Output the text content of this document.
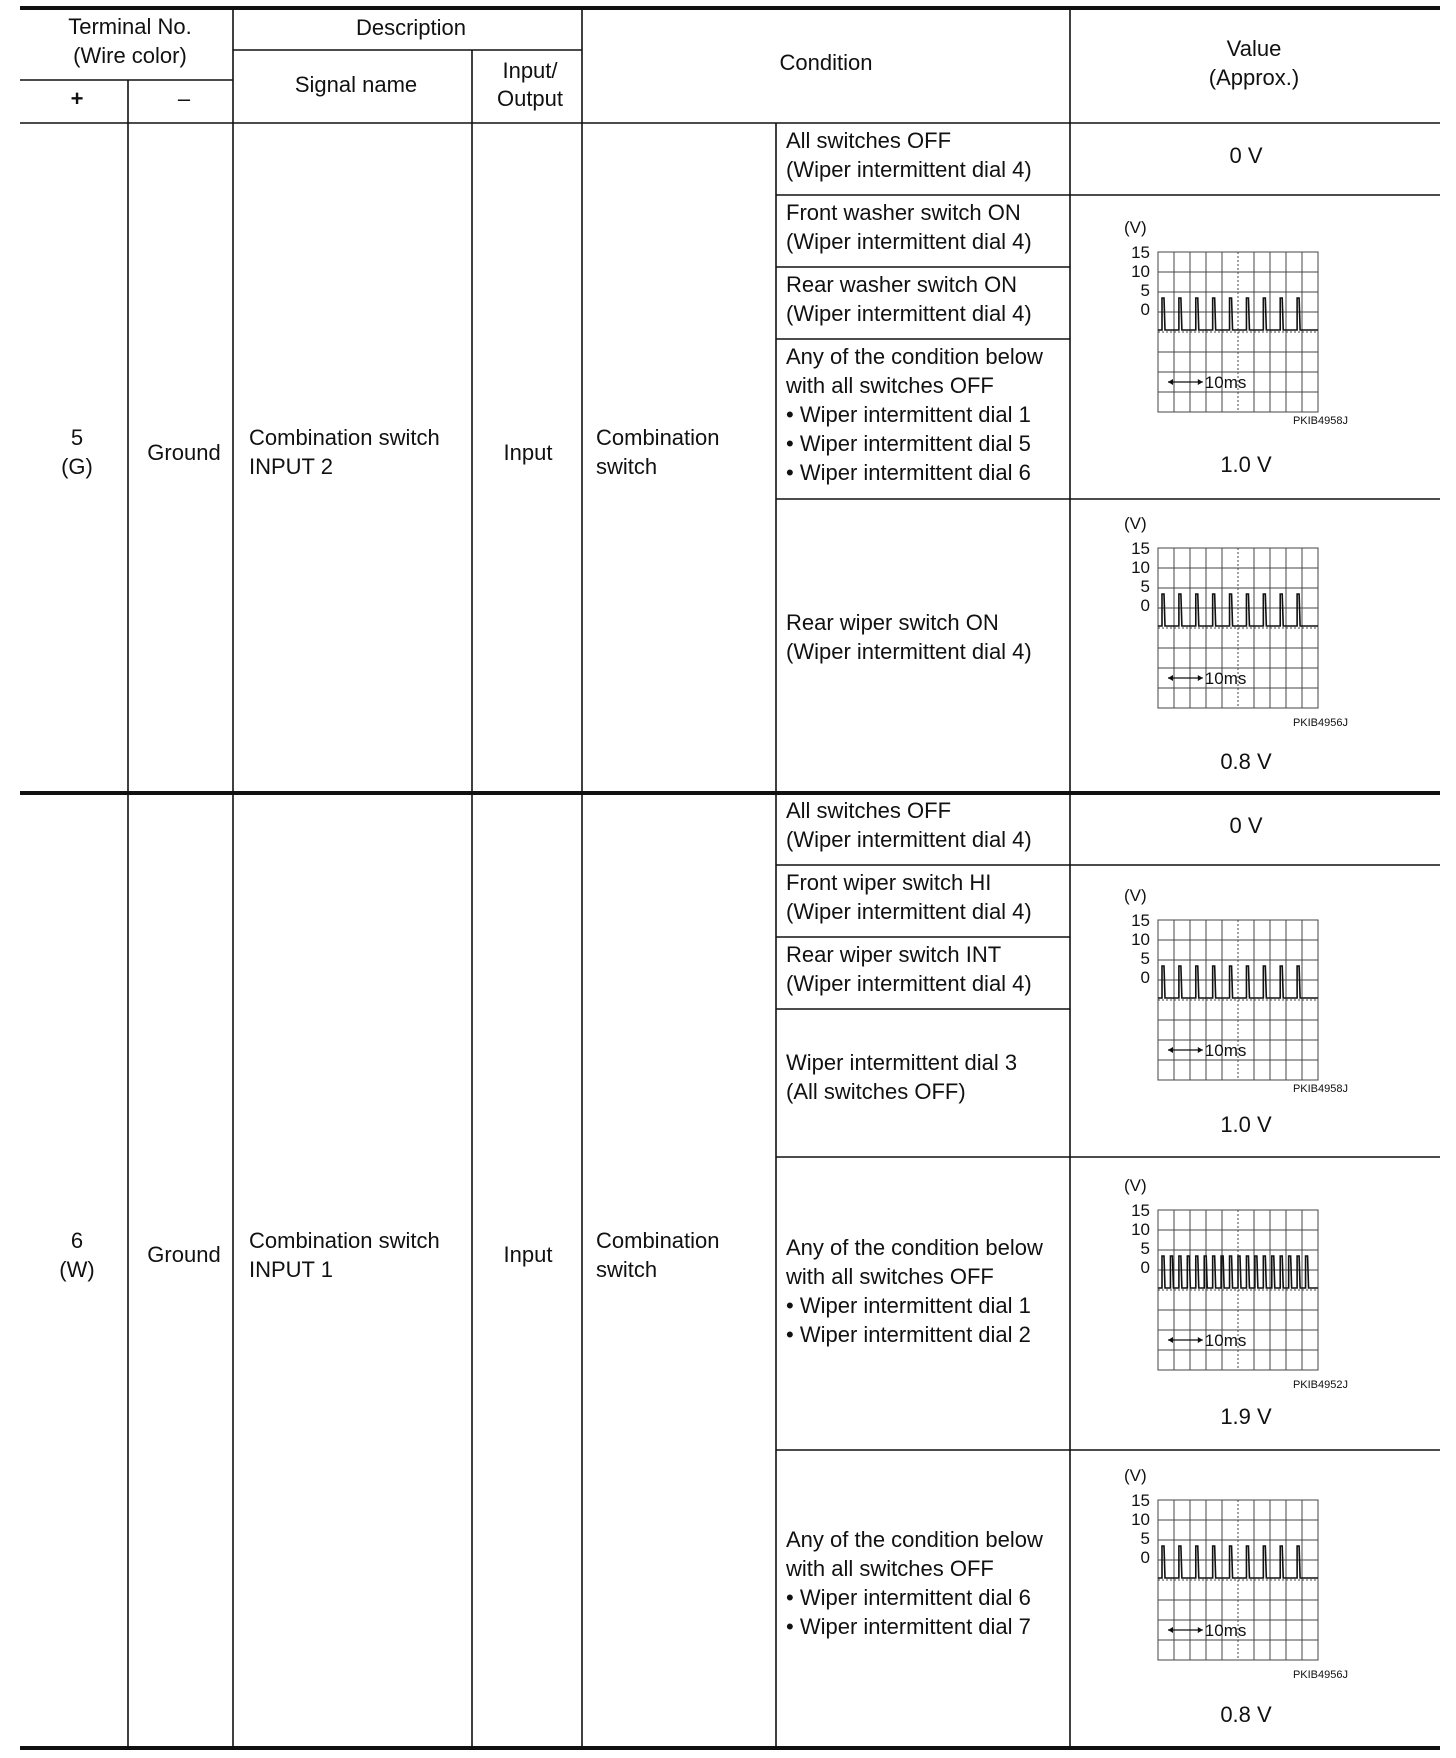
Terminal No.
(Wire color)
+	–
Description
Signal name
Input/
Output
Condition
Value
(Approx.)
5
(G)
Ground
Combination switch
INPUT 2
Input
Combination
switch
All switches OFF
(Wiper intermittent dial 4)
Front washer switch ON
(Wiper intermittent dial 4)
Rear washer switch ON
(Wiper intermittent dial 4)
Any of the condition below
with all switches OFF
• Wiper intermittent dial 1
• Wiper intermittent dial 5
• Wiper intermittent dial 6
Rear wiper switch ON
(Wiper intermittent dial 4)
0 V
(V)
15
10
5
0
10ms
PKIB4958J
1.0 V
(V)
15
10
5
0
10ms
PKIB4956J
0.8 V
6
(W)
Ground
Combination switch
INPUT 1
Input
Combination
switch
All switches OFF
(Wiper intermittent dial 4)
Front wiper switch HI
(Wiper intermittent dial 4)
Rear wiper switch INT
(Wiper intermittent dial 4)
Wiper intermittent dial 3
(All switches OFF)
Any of the condition below
with all switches OFF
• Wiper intermittent dial 1
• Wiper intermittent dial 2
Any of the condition below
with all switches OFF
• Wiper intermittent dial 6
• Wiper intermittent dial 7
0 V
(V)
15
10
5
0
10ms
PKIB4958J
1.0 V
(V)
15
10
5
0
10ms
PKIB4952J
1.9 V
(V)
15
10
5
0
10ms
PKIB4956J
0.8 V
